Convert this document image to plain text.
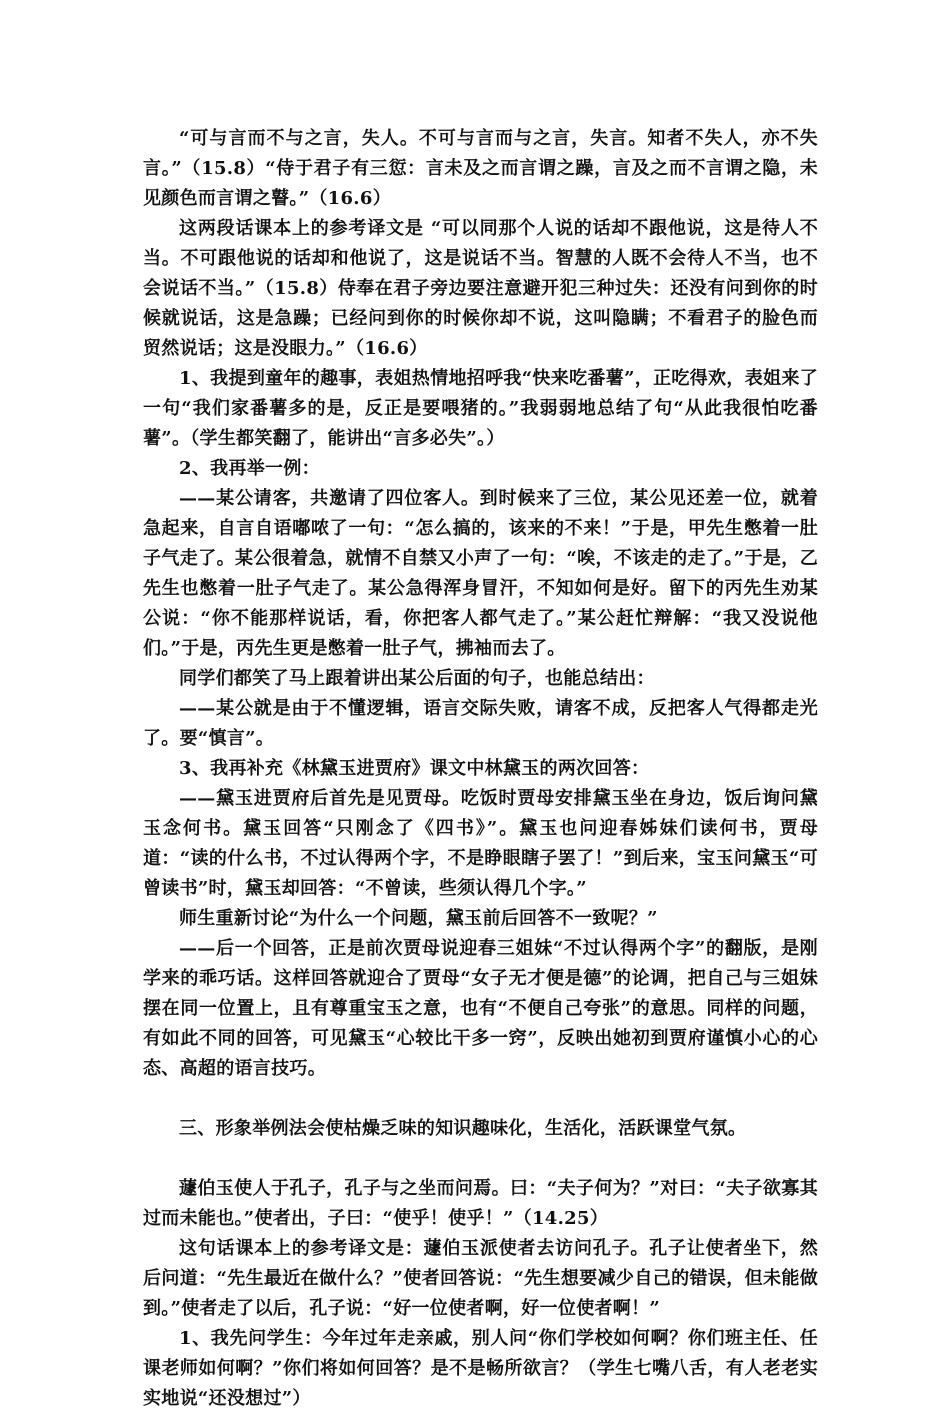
“可与言而不与之言，失人。不可与言而与之言，失言。知者不失人，亦不失言。”（15.8）“侍于君子有三愆：言未及之而言谓之躁，言及之而不言谓之隐，未见颜色而言谓之瞽。”（16.6）

这两段话课本上的参考译文是 “可以同那个人说的话却不跟他说，这是待人不当。不可跟他说的话却和他说了，这是说话不当。智慧的人既不会待人不当，也不会说话不当。”（15.8）侍奉在君子旁边要注意避开犯三种过失：还没有问到你的时候就说话，这是急躁；已经问到你的时候你却不说，这叫隐瞒；不看君子的脸色而贸然说话；这是没眼力。”（16.6）

1、我提到童年的趣事，表姐热情地招呼我“快来吃番薯”，正吃得欢，表姐来了一句“我们家番薯多的是，反正是要喂猪的。”我弱弱地总结了句“从此我很怕吃番薯”。（学生都笑翻了，能讲出“言多必失”。）

2、我再举一例：

——某公请客，共邀请了四位客人。到时候来了三位，某公见还差一位，就着急起来，自言自语嘟哝了一句：“怎么搞的，该来的不来！”于是，甲先生憋着一肚子气走了。某公很着急，就情不自禁又小声了一句：“唉，不该走的走了。”于是，乙先生也憋着一肚子气走了。某公急得浑身冒汗，不知如何是好。留下的丙先生劝某公说：“你不能那样说话，看，你把客人都气走了。”某公赶忙辩解：“我又没说他们。”于是，丙先生更是憋着一肚子气，拂袖而去了。

同学们都笑了马上跟着讲出某公后面的句子，也能总结出：

——某公就是由于不懂逻辑，语言交际失败，请客不成，反把客人气得都走光了。要“慎言”。

3、我再补充《林黛玉进贾府》课文中林黛玉的两次回答：

——黛玉进贾府后首先是见贾母。吃饭时贾母安排黛玉坐在身边，饭后询问黛玉念何书。黛玉回答“只刚念了《四书》”。黛玉也问迎春姊妹们读何书，贾母道：“读的什么书，不过认得两个字，不是睁眼瞎子罢了！”到后来，宝玉问黛玉“可曾读书”时，黛玉却回答：“不曾读，些须认得几个字。”

师生重新讨论“为什么一个问题，黛玉前后回答不一致呢？”

——后一个回答，正是前次贾母说迎春三姐妹“不过认得两个字”的翻版，是刚学来的乖巧话。这样回答就迎合了贾母“女子无才便是德”的论调，把自己与三姐妹摆在同一位置上，且有尊重宝玉之意，也有“不便自己夸张”的意思。同样的问题，有如此不同的回答，可见黛玉“心较比干多一窍”，反映出她初到贾府谨慎小心的心态、高超的语言技巧。

三、形象举例法会使枯燥乏味的知识趣味化，生活化，活跃课堂气氛。

蘧伯玉使人于孔子，孔子与之坐而问焉。曰：“夫子何为？”对曰：“夫子欲寡其过而未能也。”使者出，子曰：“使乎！使乎！”（14.25）

这句话课本上的参考译文是：蘧伯玉派使者去访问孔子。孔子让使者坐下，然后问道：“先生最近在做什么？”使者回答说：“先生想要减少自己的错误，但未能做到。”使者走了以后，孔子说：“好一位使者啊，好一位使者啊！”

1、我先问学生：今年过年走亲戚，别人问“你们学校如何啊？你们班主任、任课老师如何啊？”你们将如何回答？是不是畅所欲言？（学生七嘴八舌，有人老老实实地说“还没想过”）
